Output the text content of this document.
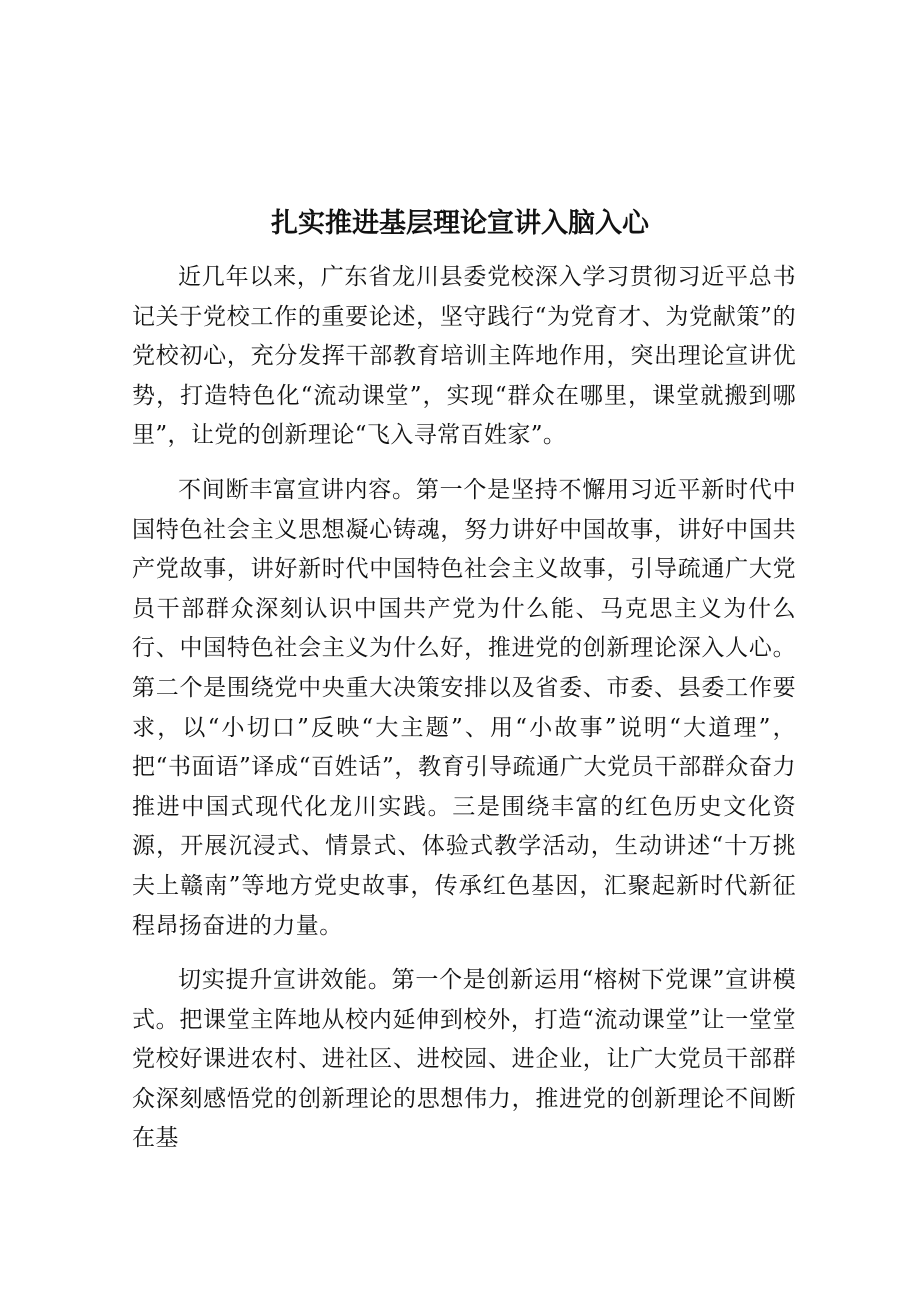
扎实推进基层理论宣讲入脑入心

近几年以来，广东省龙川县委党校深入学习贯彻习近平总书记关于党校工作的重要论述，坚守践行“为党育才、为党献策”的党校初心，充分发挥干部教育培训主阵地作用，突出理论宣讲优势，打造特色化“流动课堂”，实现“群众在哪里，课堂就搬到哪里”，让党的创新理论“飞入寻常百姓家”。

不间断丰富宣讲内容。第一个是坚持不懈用习近平新时代中国特色社会主义思想凝心铸魂，努力讲好中国故事，讲好中国共产党故事，讲好新时代中国特色社会主义故事，引导疏通广大党员干部群众深刻认识中国共产党为什么能、马克思主义为什么行、中国特色社会主义为什么好，推进党的创新理论深入人心。第二个是围绕党中央重大决策安排以及省委、市委、县委工作要求，以“小切口”反映“大主题”、用“小故事”说明“大道理”，把“书面语”译成“百姓话”，教育引导疏通广大党员干部群众奋力推进中国式现代化龙川实践。三是围绕丰富的红色历史文化资源，开展沉浸式、情景式、体验式教学活动，生动讲述“十万挑夫上赣南”等地方党史故事，传承红色基因，汇聚起新时代新征程昂扬奋进的力量。

切实提升宣讲效能。第一个是创新运用“榕树下党课”宣讲模式。把课堂主阵地从校内延伸到校外，打造“流动课堂”让一堂堂党校好课进农村、进社区、进校园、进企业，让广大党员干部群众深刻感悟党的创新理论的思想伟力，推进党的创新理论不间断在基
